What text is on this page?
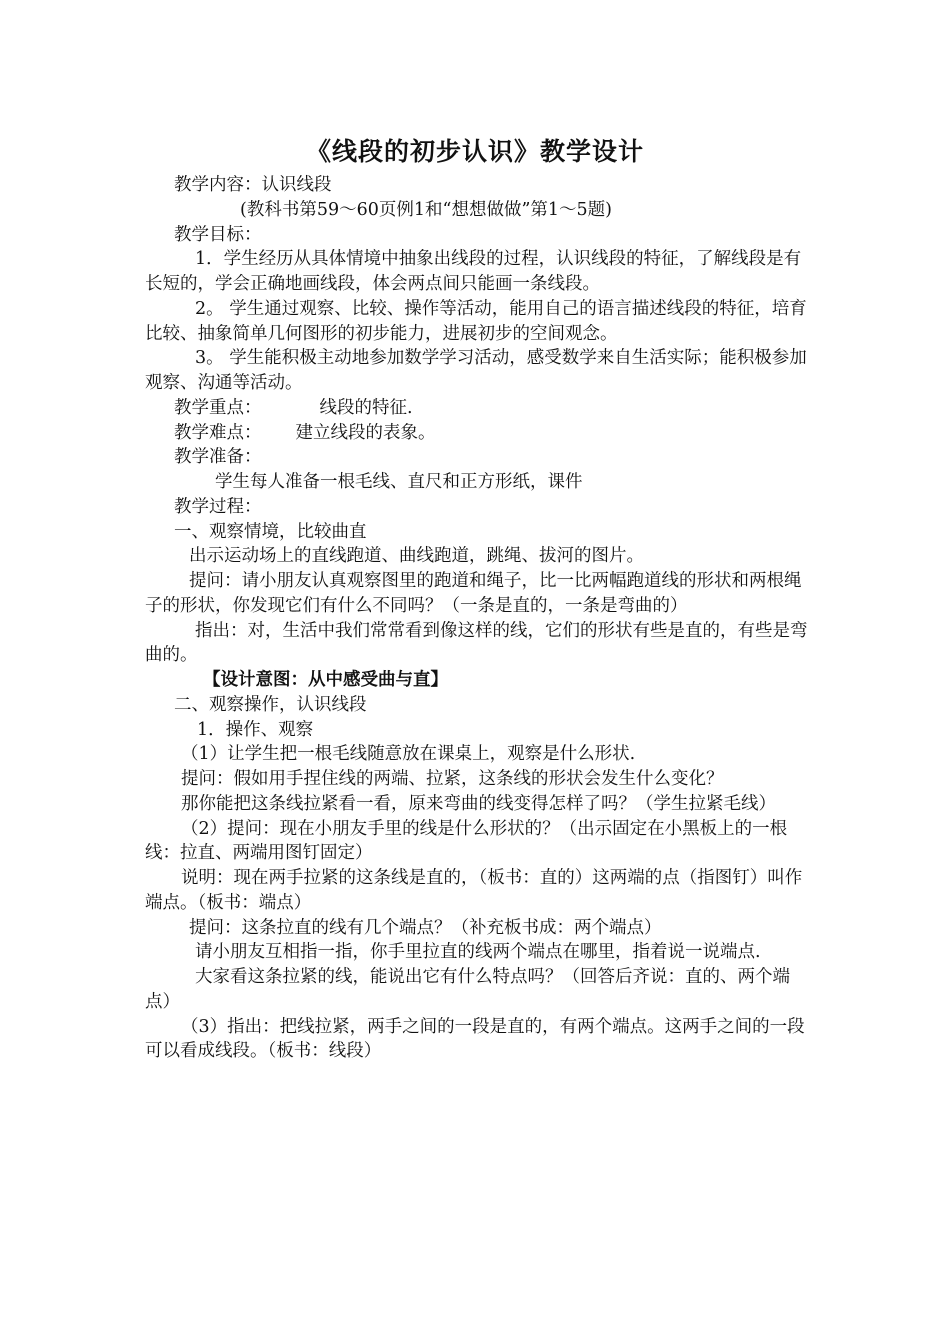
《线段的初步认识》教学设计

教学内容：认识线段

(教科书第59～60页例1和“想想做做”第1～5题)

教学目标：

1．学生经历从具体情境中抽象出线段的过程，认识线段的特征，了解线段是有长短的，学会正确地画线段，体会两点间只能画一条线段。

2。 学生通过观察、比较、操作等活动，能用自己的语言描述线段的特征，培育比较、抽象简单几何图形的初步能力，进展初步的空间观念。

3。 学生能积极主动地参加数学学习活动，感受数学来自生活实际；能积极参加观察、沟通等活动。

教学重点：	线段的特征.

教学难点： 建立线段的表象。

教学准备：

学生每人准备一根毛线、直尺和正方形纸，课件

教学过程：

一、观察情境，比较曲直

出示运动场上的直线跑道、曲线跑道，跳绳、拔河的图片。

提问：请小朋友认真观察图里的跑道和绳子，比一比两幅跑道线的形状和两根绳子的形状，你发现它们有什么不同吗？（一条是直的，一条是弯曲的）

指出：对，生活中我们常常看到像这样的线，它们的形状有些是直的，有些是弯曲的。

【设计意图：从中感受曲与直】

二、观察操作，认识线段

1．操作、观察

（1）让学生把一根毛线随意放在课桌上，观察是什么形状.

提问：假如用手捏住线的两端、拉紧，这条线的形状会发生什么变化？

那你能把这条线拉紧看一看，原来弯曲的线变得怎样了吗？（学生拉紧毛线）

（2）提问：现在小朋友手里的线是什么形状的？（出示固定在小黑板上的一根线：拉直、两端用图钉固定）

说明：现在两手拉紧的这条线是直的，（板书：直的）这两端的点（指图钉）叫作端点。（板书：端点）

提问：这条拉直的线有几个端点？（补充板书成：两个端点）

请小朋友互相指一指，你手里拉直的线两个端点在哪里，指着说一说端点.

大家看这条拉紧的线，能说出它有什么特点吗？（回答后齐说：直的、两个端点）

（3）指出：把线拉紧，两手之间的一段是直的，有两个端点。这两手之间的一段可以看成线段。（板书：线段）
